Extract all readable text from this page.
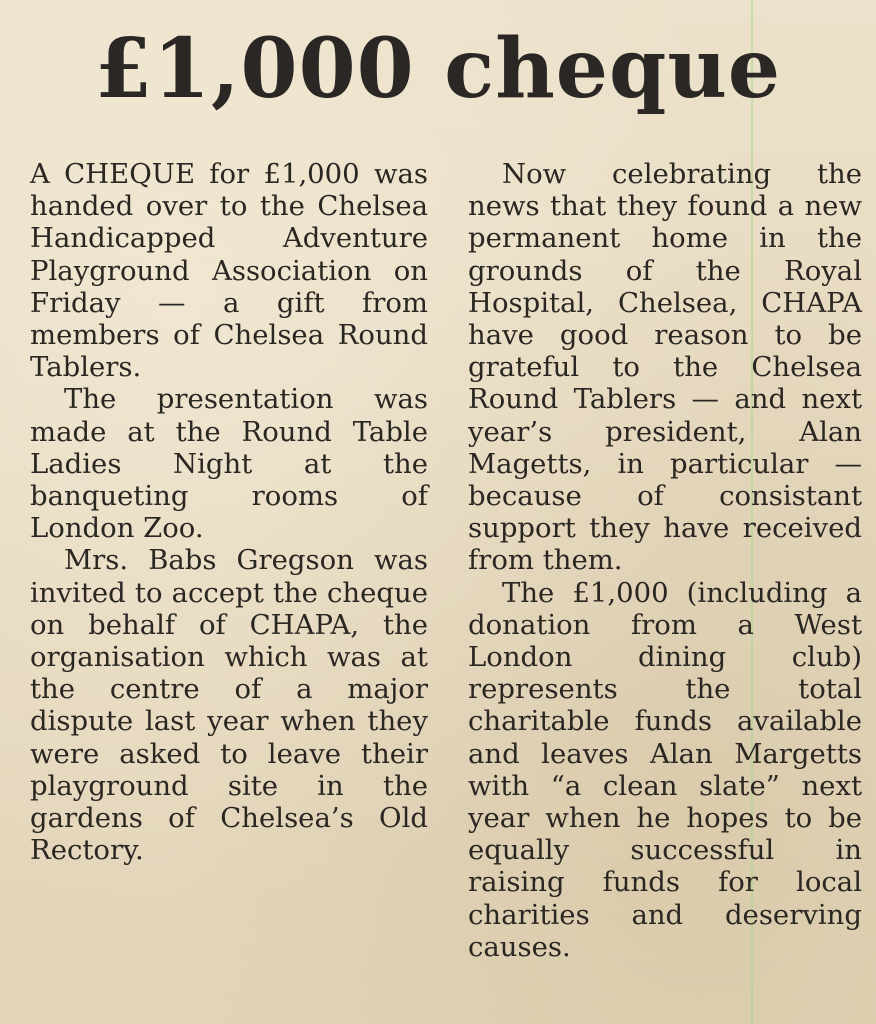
£1,000 cheque

A CHEQUE for £1,000 was handed over to the Chelsea Handicapped Adventure Playground Association on Friday — a gift from members of Chelsea Round Tablers.

The presentation was made at the Round Table Ladies Night at the banqueting rooms of London Zoo.

Mrs. Babs Gregson was invited to accept the cheque on behalf of CHAPA, the organisation which was at the centre of a major dispute last year when they were asked to leave their playground site in the gardens of Chelsea’s Old Rectory.

Now celebrating the news that they found a new permanent home in the grounds of the Royal Hospital, Chelsea, CHAPA have good reason to be grateful to the Chelsea Round Tablers — and next year’s president, Alan Magetts, in particular — because of consistant support they have received from them.

The £1,000 (including a donation from a West London dining club) represents the total charitable funds available and leaves Alan Margetts with “a clean slate” next year when he hopes to be equally successful in raising funds for local charities and deserving causes.
